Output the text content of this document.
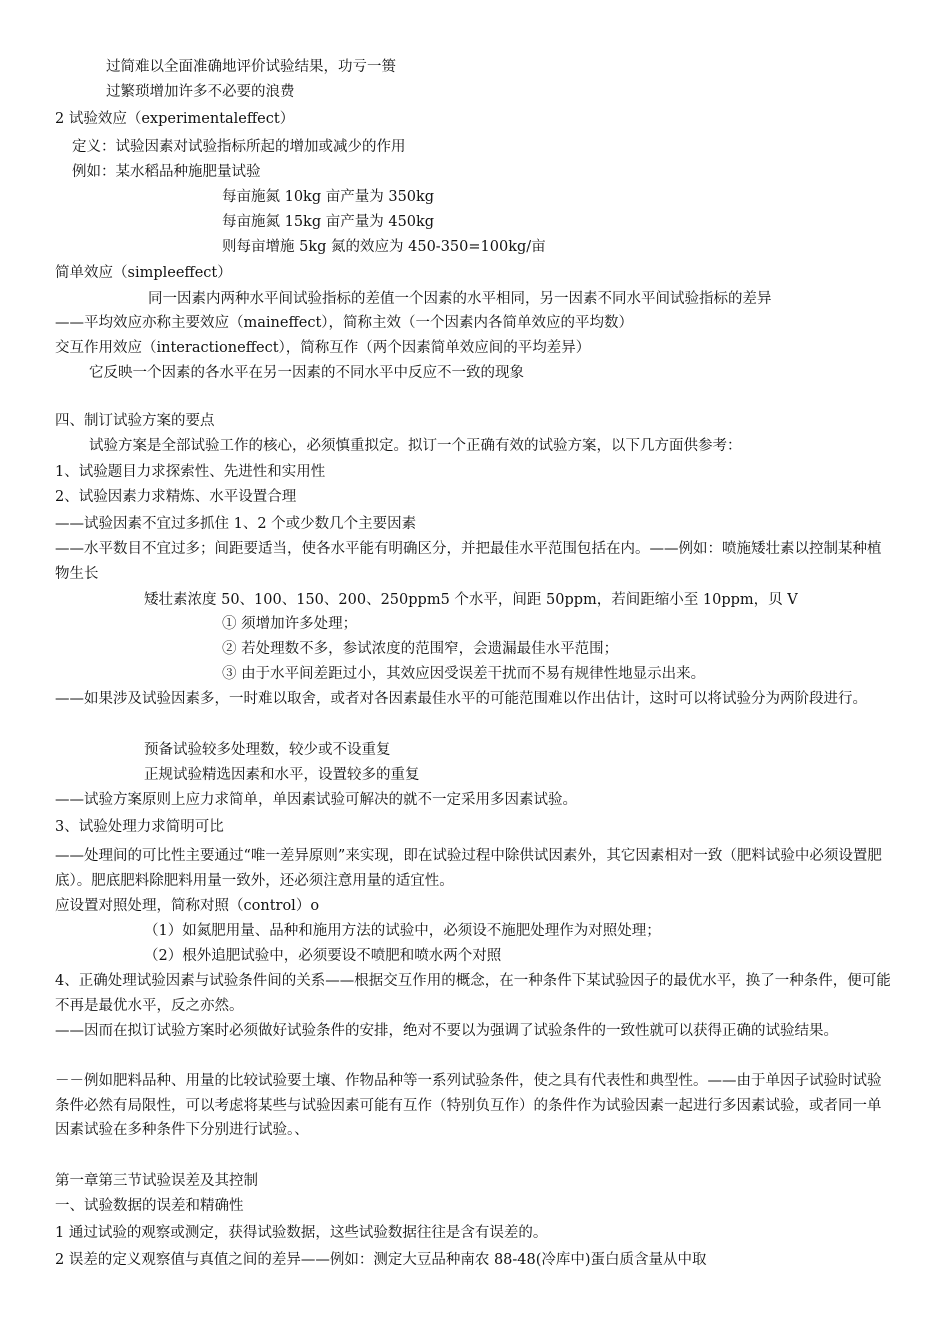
过简难以全面准确地评价试验结果，功亏一篑

过繁琐增加许多不必要的浪费

2 试验效应（experimentaleffect）

定义：试验因素对试验指标所起的增加或减少的作用

例如：某水稻品种施肥量试验

每亩施氮 10kg 亩产量为 350kg

每亩施氮 15kg 亩产量为 450kg

则每亩增施 5kg 氮的效应为 450-350=100kg/亩

简单效应（simpleeffect）

同一因素内两种水平间试验指标的差值一个因素的水平相同，另一因素不同水平间试验指标的差异

——平均效应亦称主要效应（maineffect），简称主效（一个因素内各简单效应的平均数）

交互作用效应（interactioneffect），简称互作（两个因素简单效应间的平均差异）

它反映一个因素的各水平在另一因素的不同水平中反应不一致的现象

四、制订试验方案的要点

试验方案是全部试验工作的核心，必须慎重拟定。拟订一个正确有效的试验方案，以下几方面供参考：

1、试验题目力求探索性、先进性和实用性

2、试验因素力求精炼、水平设置合理

——试验因素不宜过多抓住 1、2 个或少数几个主要因素

——水平数目不宜过多；间距要适当，使各水平能有明确区分，并把最佳水平范围包括在内。——例如：喷施矮壮素以控制某种植物生长

矮壮素浓度 50、100、150、200、250ppm5 个水平，间距 50ppm，若间距缩小至 10ppm，贝 V

① 须增加许多处理；

② 若处理数不多，参试浓度的范围窄，会遗漏最佳水平范围；

③ 由于水平间差距过小，其效应因受误差干扰而不易有规律性地显示出来。

——如果涉及试验因素多，一时难以取舍，或者对各因素最佳水平的可能范围难以作出估计，这时可以将试验分为两阶段进行。

预备试验较多处理数，较少或不设重复

正规试验精选因素和水平，设置较多的重复

——试验方案原则上应力求简单，单因素试验可解决的就不一定采用多因素试验。

3、试验处理力求简明可比

——处理间的可比性主要通过“唯一差异原则”来实现，即在试验过程中除供试因素外，其它因素相对一致（肥料试验中必须设置肥底）。肥底肥料除肥料用量一致外，还必须注意用量的适宜性。

应设置对照处理，简称对照（control）o

（1）如氮肥用量、品种和施用方法的试验中，必须设不施肥处理作为对照处理；

（2）根外追肥试验中，必须要设不喷肥和喷水两个对照

4、正确处理试验因素与试验条件间的关系——根据交互作用的概念，在一种条件下某试验因子的最优水平，换了一种条件，便可能不再是最优水平，反之亦然。

——因而在拟订试验方案时必须做好试验条件的安排，绝对不要以为强调了试验条件的一致性就可以获得正确的试验结果。

－－例如肥料品种、用量的比较试验要土壤、作物品种等一系列试验条件，使之具有代表性和典型性。——由于单因子试验时试验条件必然有局限性，可以考虑将某些与试验因素可能有互作（特别负互作）的条件作为试验因素一起进行多因素试验，或者同一单因素试验在多种条件下分别进行试验。、

第一章第三节试验误差及其控制

一、试验数据的误差和精确性

1 通过试验的观察或测定，获得试验数据，这些试验数据往往是含有误差的。

2 误差的定义观察值与真值之间的差异——例如：测定大豆品种南农 88-48(冷库中)蛋白质含量从中取
